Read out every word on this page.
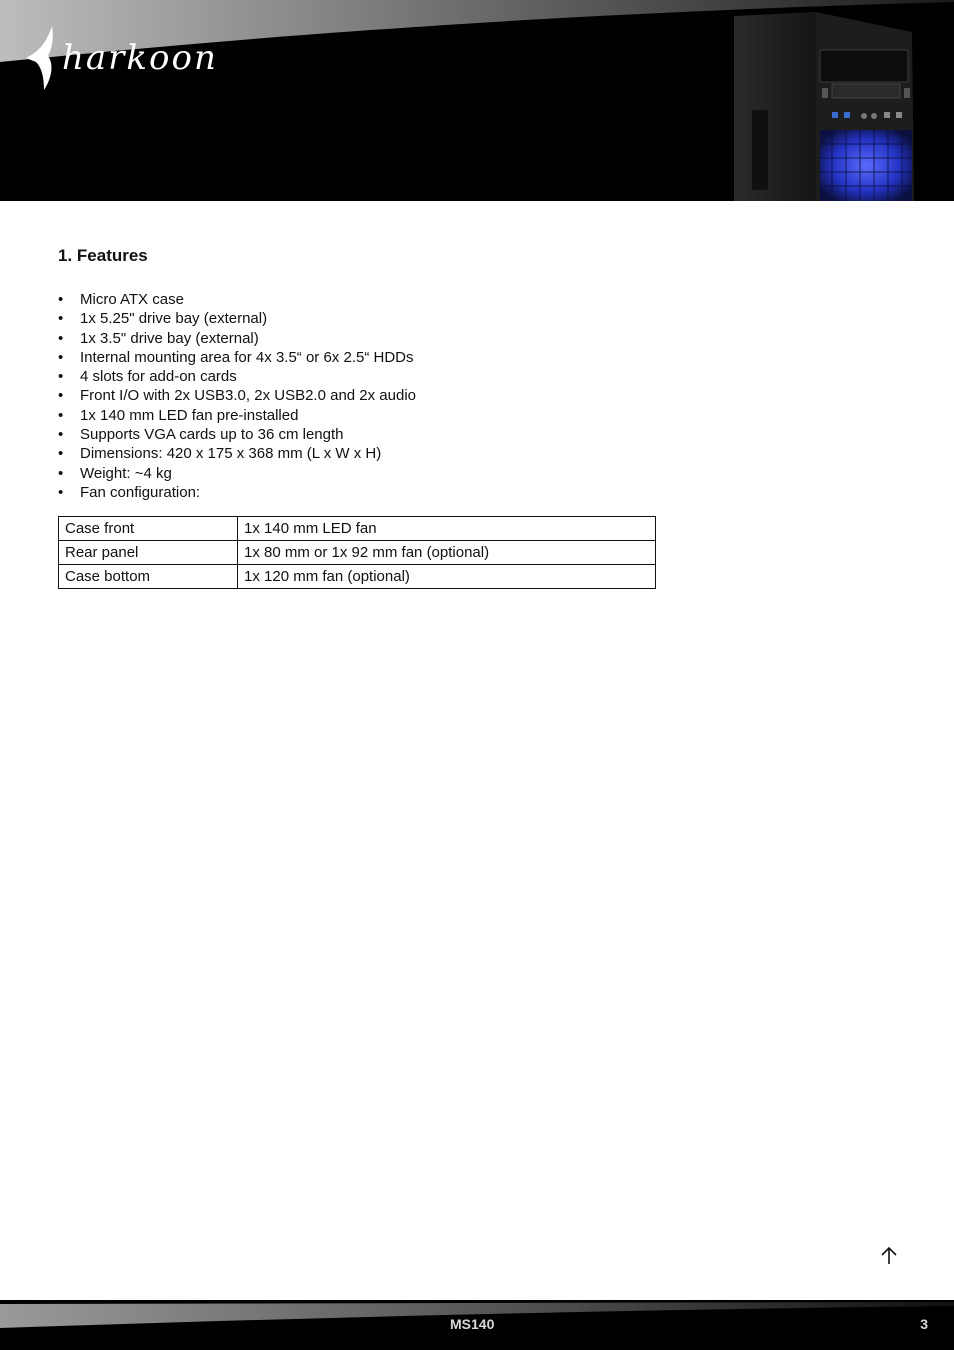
harkoon
1. Features
• Micro ATX case
• 1x 5.25" drive bay (external)
• 1x 3.5" drive bay (external)
• Internal mounting area for 4x 3.5“ or 6x 2.5“ HDDs
• 4 slots for add-on cards
• Front I/O with 2x USB3.0, 2x USB2.0 and 2x audio
• 1x 140 mm LED fan pre-installed
• Supports VGA cards up to 36 cm length
• Dimensions: 420 x 175 x 368 mm (L x W x H)
• Weight: ~4 kg
• Fan configuration:
Case front	1x 140 mm LED fan
Rear panel	1x 80 mm or 1x 92 mm fan (optional)
Case bottom	1x 120 mm fan (optional)
MS140	3
